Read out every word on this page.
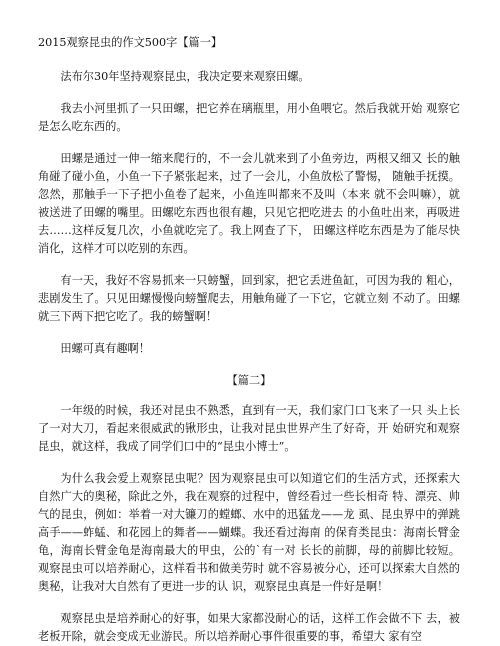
2015观察昆虫的作文500字【篇一】
法布尔30年坚持观察昆虫，我决定要来观察田螺。
我去小河里抓了一只田螺，把它养在璃瓶里，用小鱼喂它。然后我就开始 观察它是怎么吃东西的。
田螺是通过一伸一缩来爬行的，不一会儿就来到了小鱼旁边，两根又细又 长的触角碰了碰小鱼，小鱼一下子紧张起来，过了一会儿，小鱼放松了警惕， 随触手抚摸。忽然，那触手一下子把小鱼卷了起来，小鱼连叫都来不及叫（本来 就不会叫嘛），就被送进了田螺的嘴里。田螺吃东西也很有趣，只见它把吃进去 的小鱼吐出来，再吸进去……这样反复几次，小鱼就吃完了。我上网查了下， 田螺这样吃东西是为了能尽快消化，这样才可以吃别的东西。
有一天，我好不容易抓来一只螃蟹，回到家，把它丢进鱼缸，可因为我的 粗心，悲剧发生了。只见田螺慢慢向螃蟹爬去，用触角碰了一下它，它就立刻 不动了。田螺就三下两下把它吃了。我的螃蟹啊！
田螺可真有趣啊！
【篇二】
一年级的时候，我还对昆虫不熟悉，直到有一天，我们家门口飞来了一只 头上长了一对大刀，看起来很威武的锹形虫，让我对昆虫世界产生了好奇，开 始研究和观察昆虫，就这样，我成了同学们口中的“昆虫小博士”。
为什么我会爱上观察昆虫呢？因为观察昆虫可以知道它们的生活方式，还探索大自然广大的奥秘，除此之外，我在观察的过程中，曾经看过一些长相奇 特、漂亮、帅气的昆虫，例如：举着一对大镰刀的螳螂、水中的迅猛龙——龙 虱、昆虫界中的弹跳高手——蚱蜢、和花园上的舞者——蝴蝶。我还看过海南 的保育类昆虫：海南长臂金龟，海南长臂金龟是海南最大的甲虫，公的`有一对 长长的前脚，母的前脚比较短。观察昆虫可以培养耐心，这样看书和做美劳时 就不容易被分心，还可以探索大自然的奥秘，让我对大自然有了更进一步的认 识，观察昆虫真是一件好是啊！
观察昆虫是培养耐心的好事，如果大家都没耐心的话，这样工作会做不下 去，被老板开除，就会变成无业游民。所以培养耐心事件很重要的事，希望大 家有空
